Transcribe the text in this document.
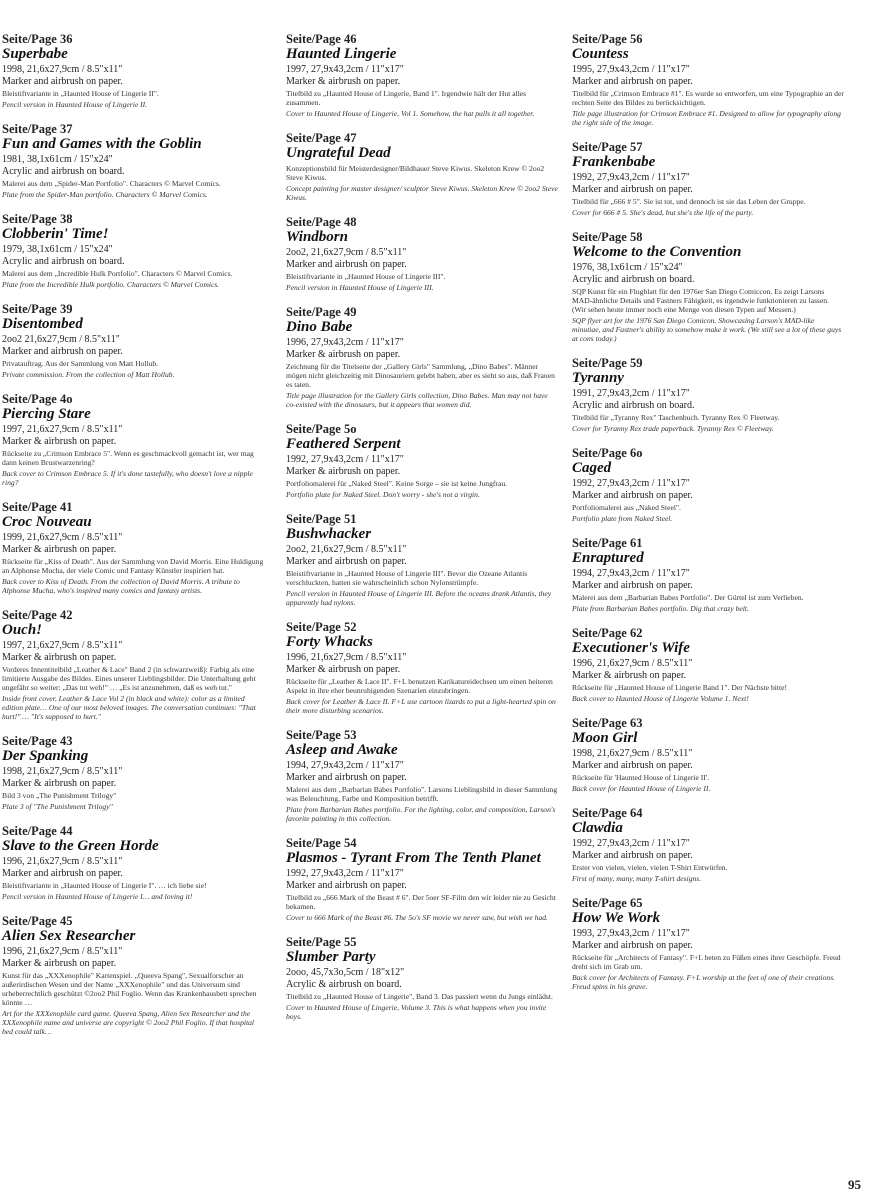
Seite/Page 36
Superbabe
1998, 21,6x27,9cm / 8.5"x11"
Marker and airbrush on paper.
Bleistiftvariante in „Haunted House of Lingerie II".
Pencil version in Haunted House of Lingerie II.
Seite/Page 37
Fun and Games with the Goblin
1981, 38,1x61cm / 15"x24"
Acrylic and airbrush on board.
Malerei aus dem „Spider-Man Portfolio". Characters © Marvel Comics.
Plate from the Spider-Man portfolio. Characters © Marvel Comics.
Seite/Page 38
Clobberin' Time!
1979, 38,1x61cm / 15"x24"
Acrylic and airbrush on board.
Malerei aus dem „Incredible Hulk Portfolio". Characters © Marvel Comics.
Plate from the Incredible Hulk portfolio. Characters © Marvel Comics.
Seite/Page 39
Disentombed
2oo2 21,6x27,9cm / 8.5"x11"
Marker and airbrush on paper.
Privatauftrag. Aus der Sammlung von Matt Hollub.
Private commission. From the collection of Matt Hollub.
Seite/Page 4o
Piercing Stare
1997, 21,6x27,9cm / 8.5"x11"
Marker & airbrush on paper.
Rückseite zu „Crimson Embrace 5". Wenn es geschmackvoll gemacht ist, wer mag dann keinen Brustwarzenring?
Back cover to Crimson Embrace 5. If it's done tastefully, who doesn't love a nipple ring?
Seite/Page 41
Croc Nouveau
1999, 21,6x27,9cm / 8.5"x11"
Marker & airbrush on paper.
Rückseite für „Kiss of Death". Aus der Sammlung von David Morris. Eine Huldigung an Alphonse Mucha, der viele Comic und Fantasy Künstler inspiriert hat.
Back cover to Kiss of Death. From the collection of David Morris. A tribute to Alphonse Mucha, who's inspired many comics and fantasy artists.
Seite/Page 42
Ouch!
1997, 21,6x27,9cm / 8.5"x11"
Marker & airbrush on paper.
Vorderes Innentitelbild „Leather & Lace" Band 2 (in schwarzweiß): Farbig als eine limitierte Ausgabe des Bildes. Eines unserer Lieblingsbilder. Die Unterhaltung geht ungefähr so weiter: „Das tut weh!" … „Es ist anzunehmen, daß es weh tut."
Inside front cover, Leather & Lace Vol 2 (in black and white): color as a limited edition plate… One of our most beloved images. The conversation continues: "That hurt!" … "It's supposed to hurt."
Seite/Page 43
Der Spanking
1998, 21,6x27,9cm / 8.5"x11"
Marker & airbrush on paper.
Bild 3 von „The Punishment Trilogy"
Plate 3 of "The Punishment Trilogy"
Seite/Page 44
Slave to the Green Horde
1996, 21,6x27,9cm / 8.5"x11"
Marker and airbrush on paper.
Bleistiftvariante in „Haunted House of Lingerie I". … ich liebe sie!
Pencil version in Haunted House of Lingerie I… and loving it!
Seite/Page 45
Alien Sex Researcher
1996, 21,6x27,9cm / 8.5"x11"
Marker & airbrush on paper.
Kunst für das „XXXenophile" Kartenspiel. „Queeva Spang", Sexualforscher an außerirdischen Wesen und der Name „XXXenophile" und das Universum sind urheberrechtlich geschützt ©2oo2 Phil Foglio. Wenn das Krankenhausbett sprechen könnte …
Art for the XXXenophile card game. Queeva Spang, Alien Sex Researcher and the XXXenophile name and universe are copyright © 2oo2 Phil Foglio. If that hospital bed could talk…
Seite/Page 46
Haunted Lingerie
1997, 27,9x43,2cm / 11"x17"
Marker & airbrush on paper.
Titelbild zu „Haunted House of Lingerie, Band 1". Irgendwie hält der Hut alles zusammen.
Cover to Haunted House of Lingerie, Vol 1. Somehow, the hat pulls it all together.
Seite/Page 47
Ungrateful Dead
Konzeptionsbild für Meisterdesigner/Bildhauer Steve Kiwus. Skeleton Krew © 2oo2 Steve Kiwus.
Concept painting for master designer/ sculptor Steve Kiwus. Skeleton Krew © 2oo2 Steve Kiwus.
Seite/Page 48
Windborn
2oo2, 21,6x27,9cm / 8.5"x11"
Marker and airbrush on paper.
Bleistiftvariante in „Haunted House of Lingerie III".
Pencil version in Haunted House of Lingerie III.
Seite/Page 49
Dino Babe
1996, 27,9x43,2cm / 11"x17"
Marker & airbrush on paper.
Zeichnung für die Titelseite der „Gallery Girls" Sammlung, „Dino Babes". Männer mögen nicht gleichzeitig mit Dinosauriern gelebt haben, aber es sieht so aus, daß Frauen es taten.
Title page illustration for the Gallery Girls collection, Dino Babes. Man may not have co-existed with the dinosaurs, but it appears that women did.
Seite/Page 5o
Feathered Serpent
1992, 27,9x43,2cm / 11"x17"
Marker & airbrush on paper.
Portfoliomalerei für „Naked Steel". Keine Sorge – sie ist keine Jungfrau.
Portfolio plate for Naked Steel. Don't worry - she's not a virgin.
Seite/Page 51
Bushwhacker
2oo2, 21,6x27,9cm / 8.5"x11"
Marker and airbrush on paper.
Bleistiftvariante in „Haunted House of Lingerie III". Bevor die Ozeane Atlantis verschluckten, hatten sie wahrscheinlich schon Nylonstrümpfe.
Pencil version in Haunted House of Lingerie III. Before the oceans drank Atlantis, they apparently had nylons.
Seite/Page 52
Forty Whacks
1996, 21,6x27,9cm / 8.5"x11"
Marker & airbrush on paper.
Rückseite für „Leather & Lace II". F+L benutzen Karikatureidechsen um einen heiteren Aspekt in ihre eher beunruhigenden Szenarien einzubringen.
Back cover for Leather & Lace II. F+L use cartoon lizards to put a light-hearted spin on their more disturbing scenarios.
Seite/Page 53
Asleep and Awake
1994, 27,9x43,2cm / 11"x17"
Marker and airbrush on paper.
Malerei aus dem „Barbarian Babes Portfolio". Larsons Lieblingsbild in dieser Sammlung was Beleuchtung, Farbe und Komposition betrifft.
Plate from Barbarian Babes portfolio. For the lighting, color, and composition, Larson's favorite painting in this collection.
Seite/Page 54
Plasmos - Tyrant From The Tenth Planet
1992, 27,9x43,2cm / 11"x17"
Marker and airbrush on paper.
Titelbild zu „666 Mark of the Beast # 6". Der 5oer SF-Film den wir leider nie zu Gesicht bekamen.
Cover to 666 Mark of the Beast #6. The 5o's SF movie we never saw, but wish we had.
Seite/Page 55
Slumber Party
2ooo, 45,7x3o,5cm / 18"x12"
Acrylic & airbrush on board.
Titelbild zu „Haunted House of Lingerie", Band 3. Das passiert wenn du Jungs einlädst.
Cover to Haunted House of Lingerie, Volume 3. This is what happens when you invite boys.
Seite/Page 56
Countess
1995, 27,9x43,2cm / 11"x17"
Marker and airbrush on paper.
Titelbild für „Crimson Embrace #1". Es wurde so entworfen, um eine Typographie an der rechten Seite des Bildes zu berücksichtigen.
Title page illustration for Crimson Embrace #1. Designed to allow for typography along the right side of the image.
Seite/Page 57
Frankenbabe
1992, 27,9x43,2cm / 11"x17"
Marker and airbrush on paper.
Titelbild für „666 # 5". Sie ist tot, und dennoch ist sie das Leben der Gruppe.
Cover for 666 # 5. She's dead, but she's the life of the party.
Seite/Page 58
Welcome to the Convention
1976, 38,1x61cm / 15"x24"
Acrylic and airbrush on board.
SQP Kunst für ein Flugblatt für den 1976er San Diego Comiccon. Es zeigt Larsons MAD-ähnliche Details und Fastners Fähigkeit, es irgendwie funktionieren zu lassen. (Wir sehen heute immer noch eine Menge von diesen Typen auf Messen.)
SQP flyer art for the 1976 San Diego Comicon. Showcasing Larson's MAD-like minutiae, and Fastner's ability to somehow make it work. (We still see a lot of these guys at cons today.)
Seite/Page 59
Tyranny
1991, 27,9x43,2cm / 11"x17"
Acrylic and airbrush on board.
Titelbild für „Tyranny Rex" Taschenbuch. Tyranny Rex © Fleetway.
Cover for Tyranny Rex trade paperback. Tyranny Rex © Fleetway.
Seite/Page 6o
Caged
1992, 27,9x43,2cm / 11"x17"
Marker and airbrush on paper.
Portfoliomalerei aus „Naked Steel".
Portfolio plate from Naked Steel.
Seite/Page 61
Enraptured
1994, 27,9x43,2cm / 11"x17"
Marker and airbrush on paper.
Malerei aus dem „Barbarian Babes Portfolio". Der Gürtel ist zum Verlieben.
Plate from Barbarian Babes portfolio. Dig that crazy belt.
Seite/Page 62
Executioner's Wife
1996, 21,6x27,9cm / 8.5"x11"
Marker & airbrush on paper.
Rückseite für „Haunted House of Lingerie Band 1". Der Nächste bitte!
Back cover to Haunted House of Lingerie Volume 1. Next!
Seite/Page 63
Moon Girl
1998, 21,6x27,9cm / 8.5"x11"
Marker and airbrush on paper.
Rückseite für 'Haunted House of Lingerie II'.
Back cover for Haunted House of Lingerie II.
Seite/Page 64
Clawdia
1992, 27,9x43,2cm / 11"x17"
Marker and airbrush on paper.
Erster von vielen, vielen, vielen T-Shirt Entwürfen.
First of many, many, many T-shirt designs.
Seite/Page 65
How We Work
1993, 27,9x43,2cm / 11"x17"
Marker and airbrush on paper.
Rückseite für „Architects of Fantasy". F+L beten zu Füßen eines ihrer Geschöpfe. Freud dreht sich im Grab um.
Back cover for Architects of Fantasy. F+L worship at the feet of one of their creations. Freud spins in his grave.
95
